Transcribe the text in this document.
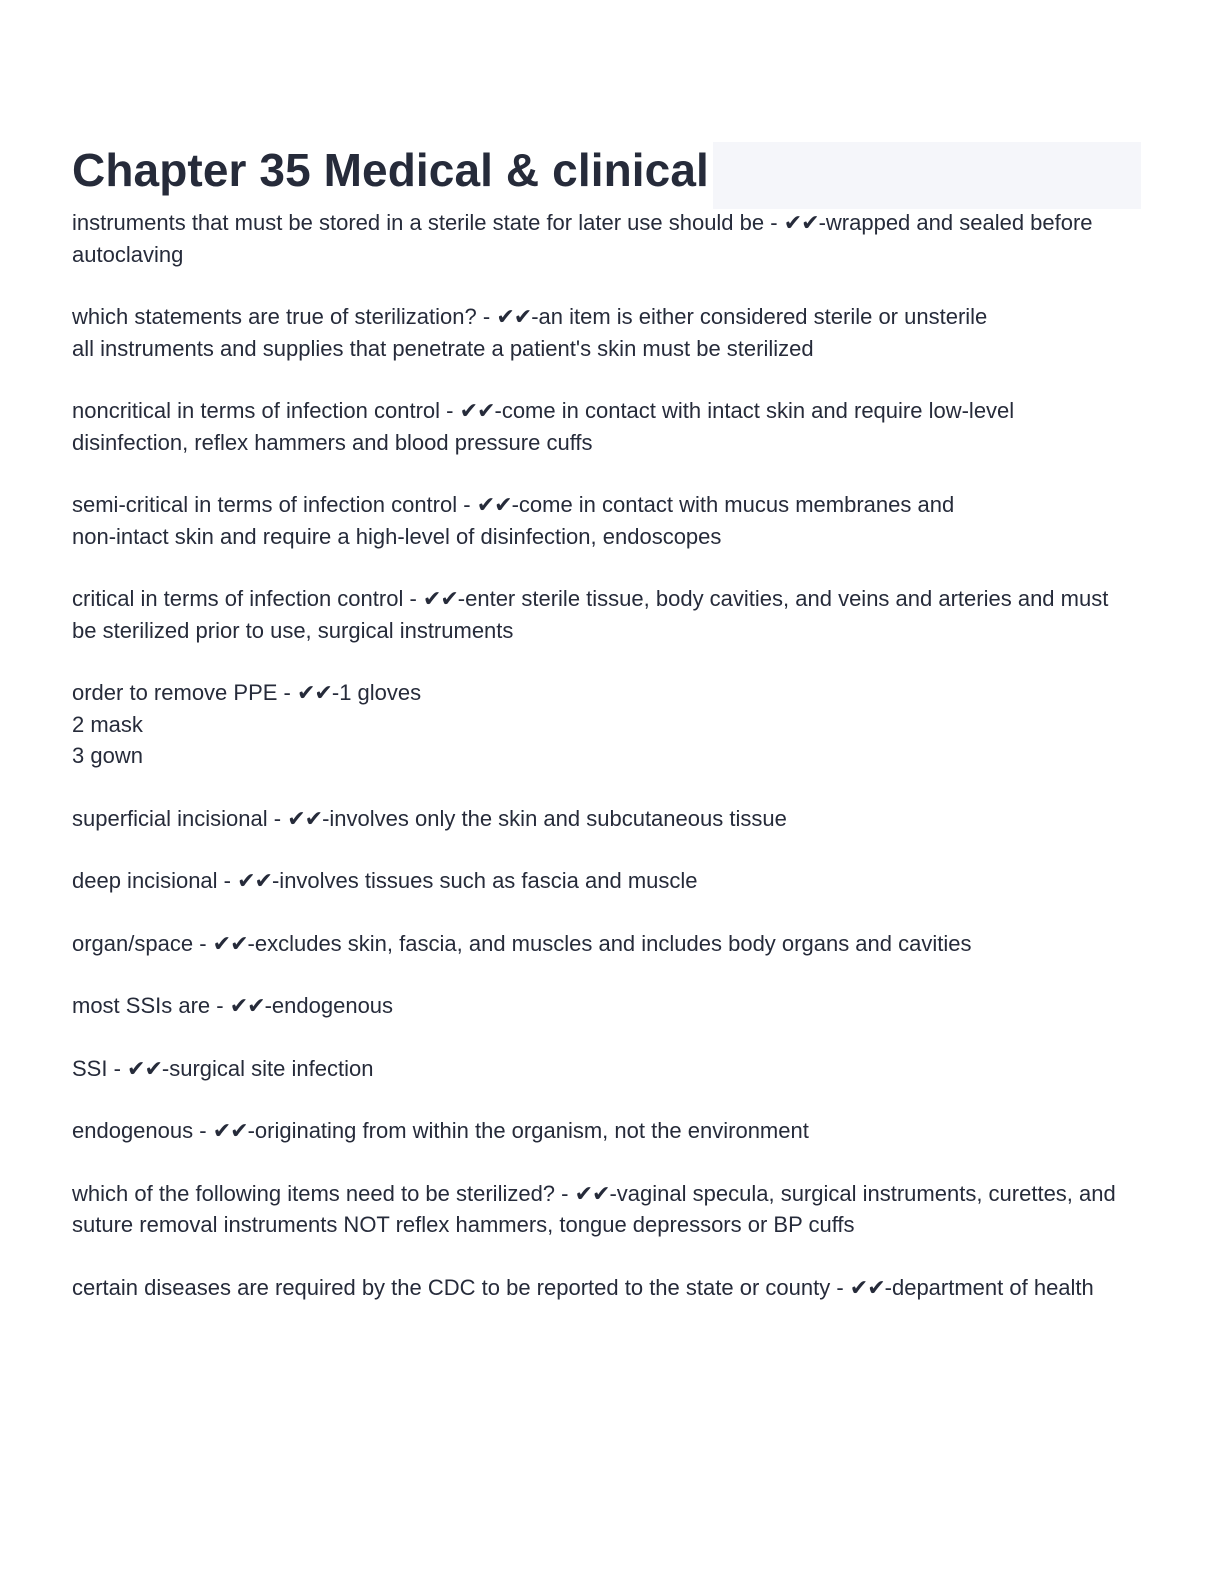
Chapter 35 Medical & clinical

instruments that must be stored in a sterile state for later use should be - ✔✔-wrapped and sealed before autoclaving

which statements are true of sterilization? - ✔✔-an item is either considered sterile or unsterile
all instruments and supplies that penetrate a patient's skin must be sterilized

noncritical in terms of infection control - ✔✔-come in contact with intact skin and require low-level disinfection, reflex hammers and blood pressure cuffs

semi-critical in terms of infection control - ✔✔-come in contact with mucus membranes and
non-intact skin and require a high-level of disinfection, endoscopes

critical in terms of infection control - ✔✔-enter sterile tissue, body cavities, and veins and arteries and must be sterilized prior to use, surgical instruments

order to remove PPE - ✔✔-1 gloves
2 mask
3 gown

superficial incisional - ✔✔-involves only the skin and subcutaneous tissue

deep incisional - ✔✔-involves tissues such as fascia and muscle

organ/space - ✔✔-excludes skin, fascia, and muscles and includes body organs and cavities

most SSIs are - ✔✔-endogenous

SSI - ✔✔-surgical site infection

endogenous - ✔✔-originating from within the organism, not the environment

which of the following items need to be sterilized? - ✔✔-vaginal specula, surgical instruments, curettes, and suture removal instruments NOT reflex hammers, tongue depressors or BP cuffs

certain diseases are required by the CDC to be reported to the state or county - ✔✔-department of health
